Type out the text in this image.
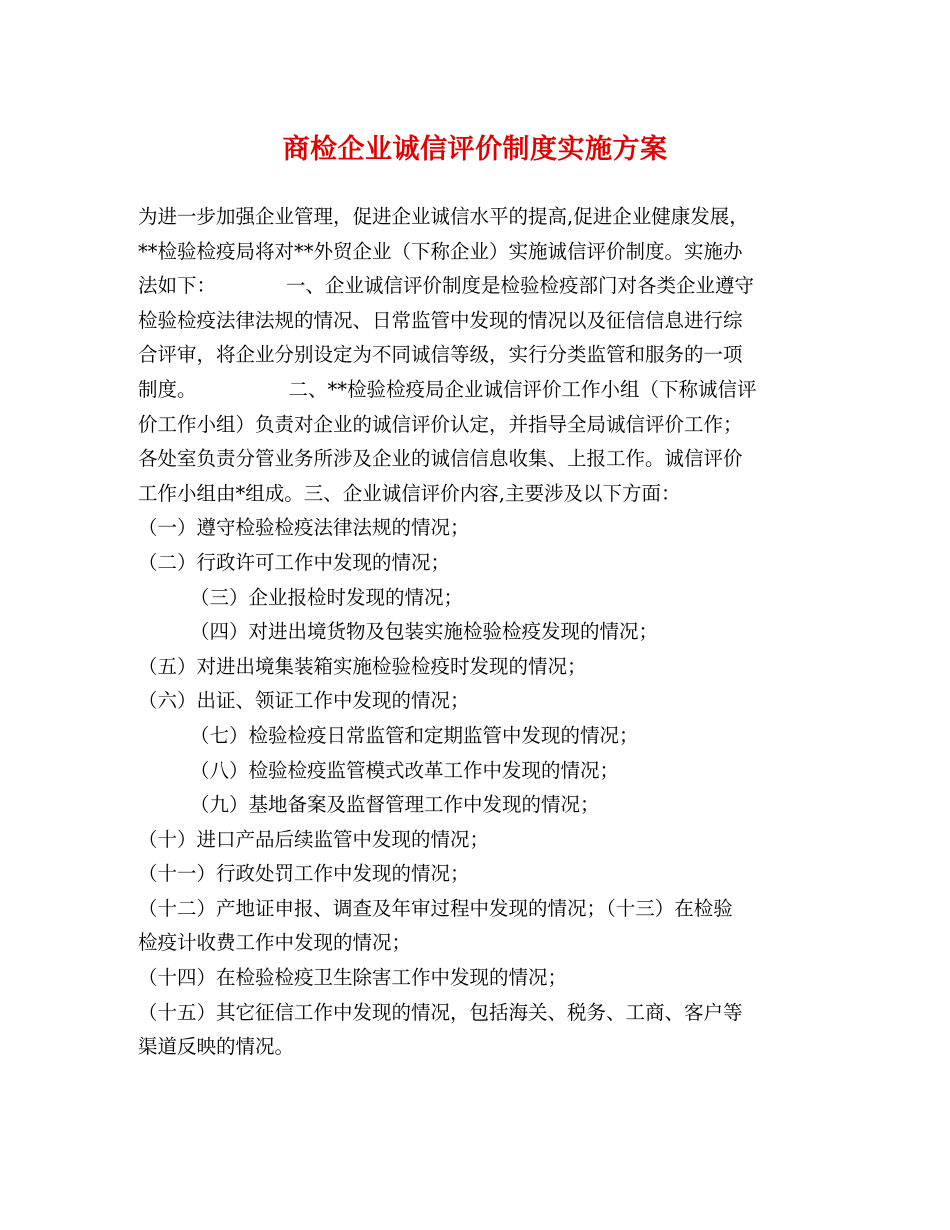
商检企业诚信评价制度实施方案

为进一步加强企业管理，促进企业诚信水平的提高,促进企业健康发展，

**检验检疫局将对**外贸企业（下称企业）实施诚信评价制度。实施办

法如下：	一、企业诚信评价制度是检验检疫部门对各类企业遵守

检验检疫法律法规的情况、日常监管中发现的情况以及征信信息进行综

合评审，将企业分别设定为不同诚信等级，实行分类监管和服务的一项

制度。	二、**检验检疫局企业诚信评价工作小组（下称诚信评

价工作小组）负责对企业的诚信评价认定，并指导全局诚信评价工作；

各处室负责分管业务所涉及企业的诚信信息收集、上报工作。诚信评价

工作小组由*组成。三、企业诚信评价内容,主要涉及以下方面：

（一）遵守检验检疫法律法规的情况；

（二）行政许可工作中发现的情况；

（三）企业报检时发现的情况；

（四）对进出境货物及包装实施检验检疫发现的情况；

（五）对进出境集装箱实施检验检疫时发现的情况；

（六）出证、领证工作中发现的情况；

（七）检验检疫日常监管和定期监管中发现的情况；

（八）检验检疫监管模式改革工作中发现的情况；

（九）基地备案及监督管理工作中发现的情况；

（十）进口产品后续监管中发现的情况；

（十一）行政处罚工作中发现的情况；

（十二）产地证申报、调查及年审过程中发现的情况；（十三）在检验

检疫计收费工作中发现的情况；

（十四）在检验检疫卫生除害工作中发现的情况；

（十五）其它征信工作中发现的情况，包括海关、税务、工商、客户等

渠道反映的情况。
